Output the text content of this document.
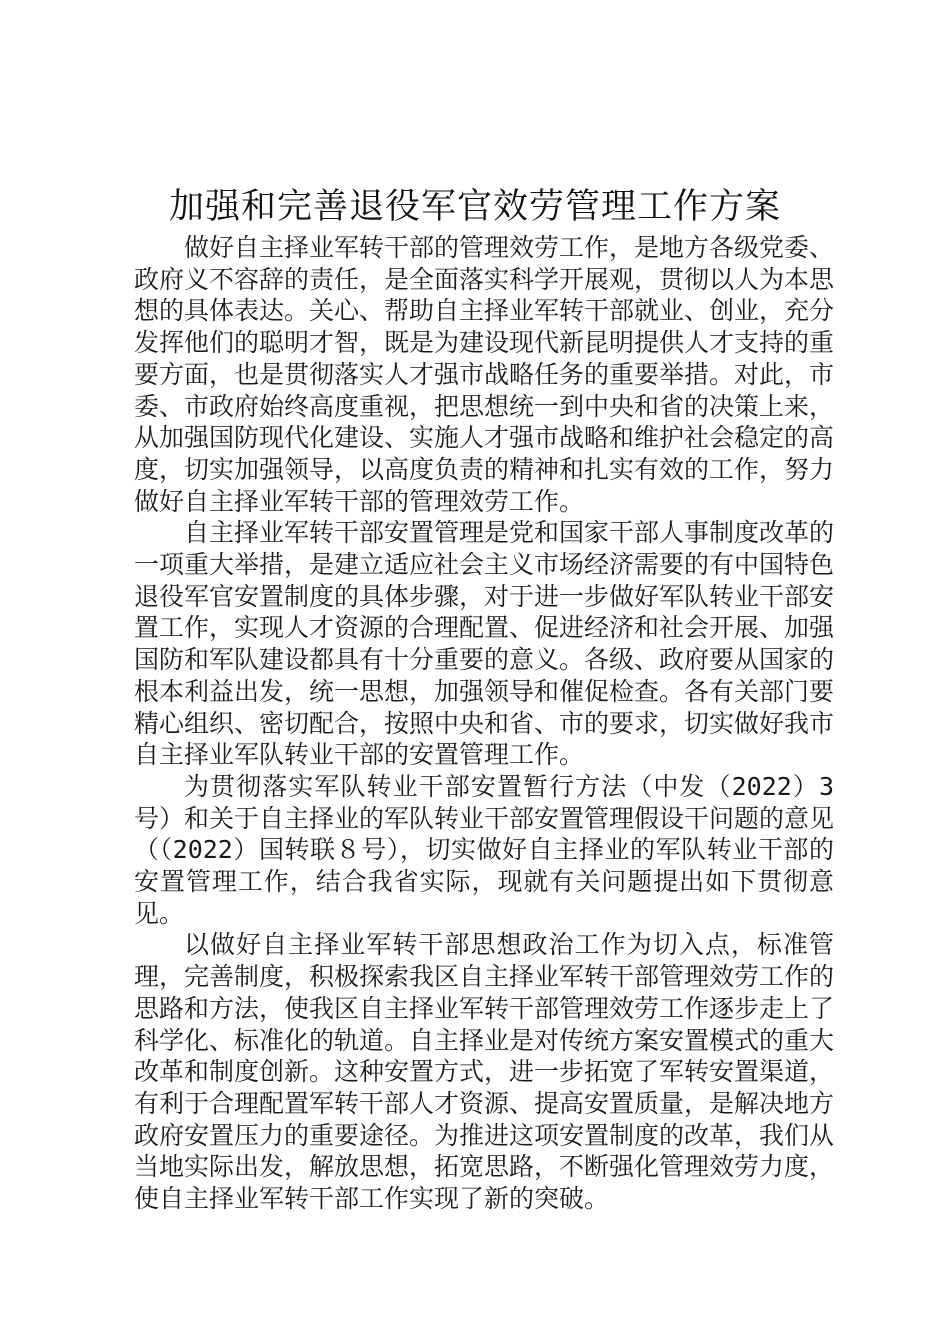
加强和完善退役军官效劳管理工作方案

做好自主择业军转干部的管理效劳工作，是地方各级党委、政府义不容辞的责任，是全面落实科学开展观，贯彻以人为本思想的具体表达。关心、帮助自主择业军转干部就业、创业，充分发挥他们的聪明才智，既是为建设现代新昆明提供人才支持的重要方面，也是贯彻落实人才强市战略任务的重要举措。对此，市委、市政府始终高度重视，把思想统一到中央和省的决策上来，从加强国防现代化建设、实施人才强市战略和维护社会稳定的高度，切实加强领导，以高度负责的精神和扎实有效的工作，努力做好自主择业军转干部的管理效劳工作。

自主择业军转干部安置管理是党和国家干部人事制度改革的一项重大举措，是建立适应社会主义市场经济需要的有中国特色退役军官安置制度的具体步骤，对于进一步做好军队转业干部安置工作，实现人才资源的合理配置、促进经济和社会开展、加强国防和军队建设都具有十分重要的意义。各级、政府要从国家的根本利益出发，统一思想，加强领导和催促检查。各有关部门要精心组织、密切配合，按照中央和省、市的要求，切实做好我市自主择业军队转业干部的安置管理工作。

为贯彻落实军队转业干部安置暂行方法（中发（2022）3号）和关于自主择业的军队转业干部安置管理假设干问题的意见（（2022）国转联８号），切实做好自主择业的军队转业干部的安置管理工作，结合我省实际，现就有关问题提出如下贯彻意见。

以做好自主择业军转干部思想政治工作为切入点，标准管理，完善制度，积极探索我区自主择业军转干部管理效劳工作的思路和方法，使我区自主择业军转干部管理效劳工作逐步走上了科学化、标准化的轨道。自主择业是对传统方案安置模式的重大改革和制度创新。这种安置方式，进一步拓宽了军转安置渠道，有利于合理配置军转干部人才资源、提高安置质量，是解决地方政府安置压力的重要途径。为推进这项安置制度的改革，我们从当地实际出发，解放思想，拓宽思路，不断强化管理效劳力度，使自主择业军转干部工作实现了新的突破。
